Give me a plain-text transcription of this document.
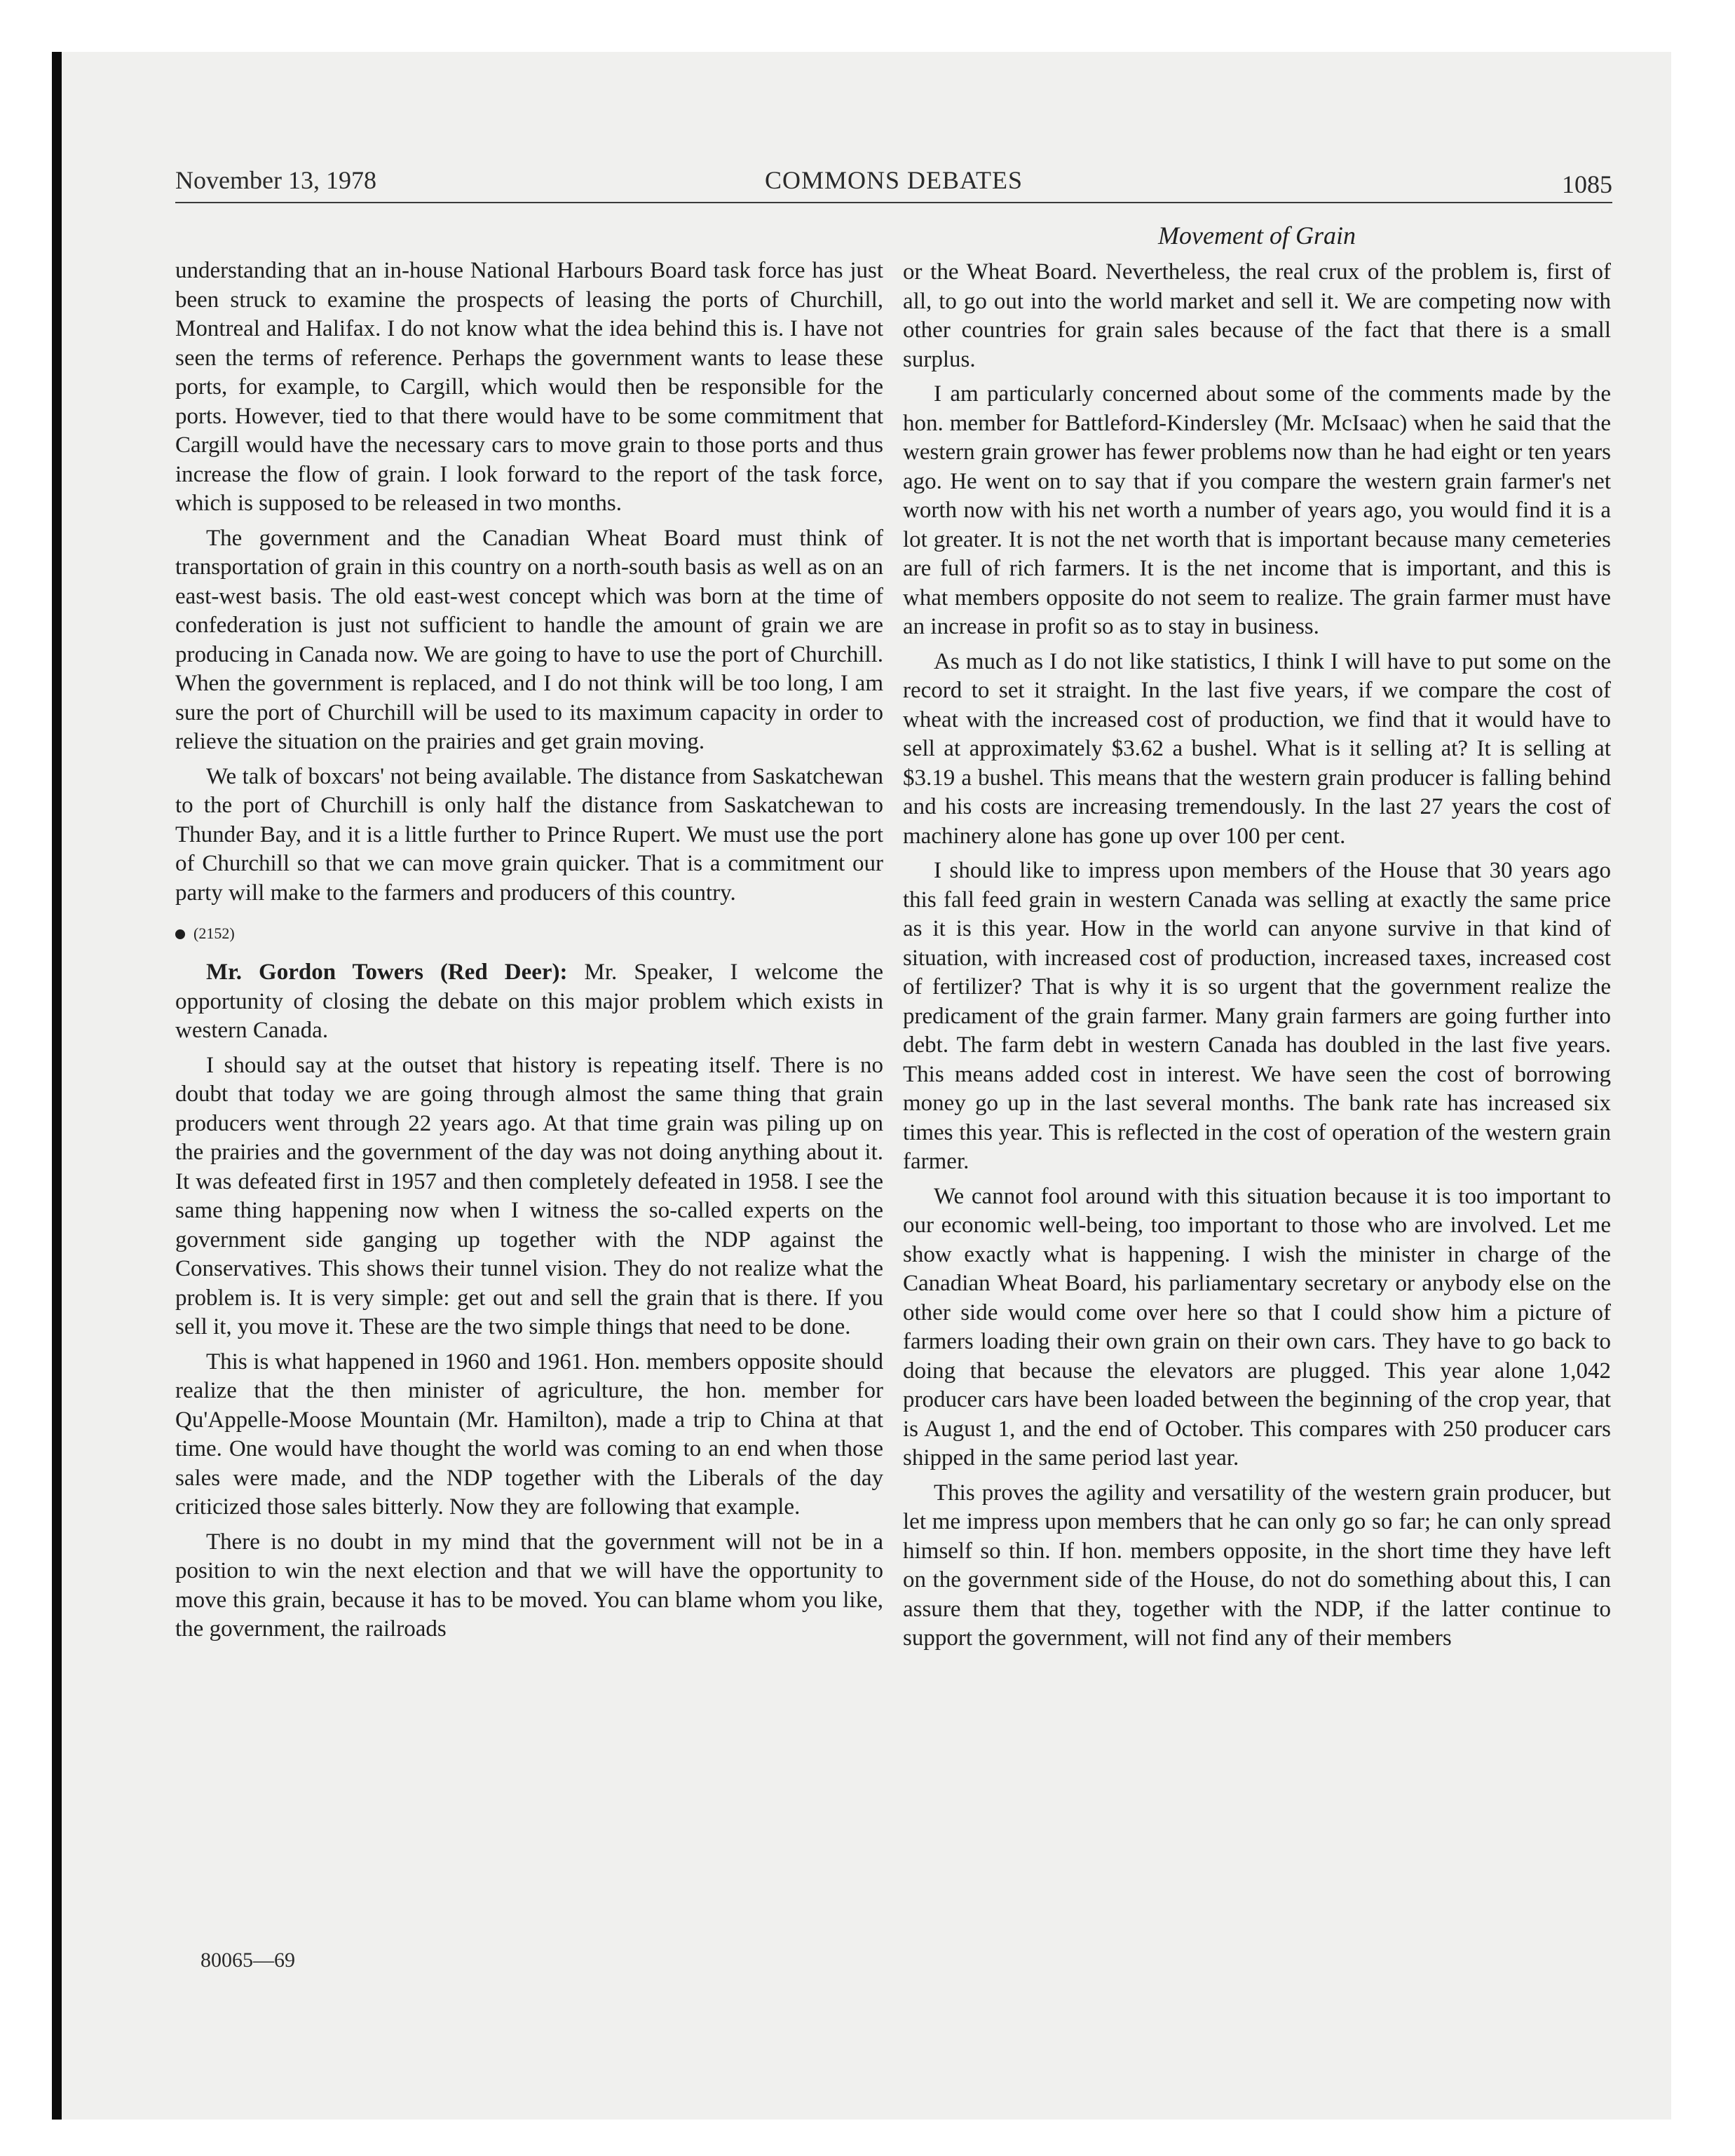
November 13, 1978	COMMONS DEBATES	1085
Movement of Grain

understanding that an in-house National Harbours Board task force has just been struck to examine the prospects of leasing the ports of Churchill, Montreal and Halifax. I do not know what the idea behind this is. I have not seen the terms of reference. Perhaps the government wants to lease these ports, for example, to Cargill, which would then be responsible for the ports. However, tied to that there would have to be some commitment that Cargill would have the necessary cars to move grain to those ports and thus increase the flow of grain. I look forward to the report of the task force, which is supposed to be released in two months.

The government and the Canadian Wheat Board must think of transportation of grain in this country on a north-south basis as well as on an east-west basis. The old east-west concept which was born at the time of confederation is just not sufficient to handle the amount of grain we are producing in Canada now. We are going to have to use the port of Churchill. When the government is replaced, and I do not think will be too long, I am sure the port of Churchill will be used to its maximum capacity in order to relieve the situation on the prairies and get grain moving.

We talk of boxcars' not being available. The distance from Saskatchewan to the port of Churchill is only half the distance from Saskatchewan to Thunder Bay, and it is a little further to Prince Rupert. We must use the port of Churchill so that we can move grain quicker. That is a commitment our party will make to the farmers and producers of this country.

(2152)

Mr. Gordon Towers (Red Deer): Mr. Speaker, I welcome the opportunity of closing the debate on this major problem which exists in western Canada.

I should say at the outset that history is repeating itself. There is no doubt that today we are going through almost the same thing that grain producers went through 22 years ago. At that time grain was piling up on the prairies and the government of the day was not doing anything about it. It was defeated first in 1957 and then completely defeated in 1958. I see the same thing happening now when I witness the so-called experts on the government side ganging up together with the NDP against the Conservatives. This shows their tunnel vision. They do not realize what the problem is. It is very simple: get out and sell the grain that is there. If you sell it, you move it. These are the two simple things that need to be done.

This is what happened in 1960 and 1961. Hon. members opposite should realize that the then minister of agriculture, the hon. member for Qu'Appelle-Moose Mountain (Mr. Hamilton), made a trip to China at that time. One would have thought the world was coming to an end when those sales were made, and the NDP together with the Liberals of the day criticized those sales bitterly. Now they are following that example.

There is no doubt in my mind that the government will not be in a position to win the next election and that we will have the opportunity to move this grain, because it has to be moved. You can blame whom you like, the government, the railroads

or the Wheat Board. Nevertheless, the real crux of the problem is, first of all, to go out into the world market and sell it. We are competing now with other countries for grain sales because of the fact that there is a small surplus.

I am particularly concerned about some of the comments made by the hon. member for Battleford-Kindersley (Mr. McIsaac) when he said that the western grain grower has fewer problems now than he had eight or ten years ago. He went on to say that if you compare the western grain farmer's net worth now with his net worth a number of years ago, you would find it is a lot greater. It is not the net worth that is important because many cemeteries are full of rich farmers. It is the net income that is important, and this is what members opposite do not seem to realize. The grain farmer must have an increase in profit so as to stay in business.

As much as I do not like statistics, I think I will have to put some on the record to set it straight. In the last five years, if we compare the cost of wheat with the increased cost of production, we find that it would have to sell at approximately $3.62 a bushel. What is it selling at? It is selling at $3.19 a bushel. This means that the western grain producer is falling behind and his costs are increasing tremendously. In the last 27 years the cost of machinery alone has gone up over 100 per cent.

I should like to impress upon members of the House that 30 years ago this fall feed grain in western Canada was selling at exactly the same price as it is this year. How in the world can anyone survive in that kind of situation, with increased cost of production, increased taxes, increased cost of fertilizer? That is why it is so urgent that the government realize the predicament of the grain farmer. Many grain farmers are going further into debt. The farm debt in western Canada has doubled in the last five years. This means added cost in interest. We have seen the cost of borrowing money go up in the last several months. The bank rate has increased six times this year. This is reflected in the cost of operation of the western grain farmer.

We cannot fool around with this situation because it is too important to our economic well-being, too important to those who are involved. Let me show exactly what is happening. I wish the minister in charge of the Canadian Wheat Board, his parliamentary secretary or anybody else on the other side would come over here so that I could show him a picture of farmers loading their own grain on their own cars. They have to go back to doing that because the elevators are plugged. This year alone 1,042 producer cars have been loaded between the beginning of the crop year, that is August 1, and the end of October. This compares with 250 producer cars shipped in the same period last year.

This proves the agility and versatility of the western grain producer, but let me impress upon members that he can only go so far; he can only spread himself so thin. If hon. members opposite, in the short time they have left on the government side of the House, do not do something about this, I can assure them that they, together with the NDP, if the latter continue to support the government, will not find any of their members

80065—69
